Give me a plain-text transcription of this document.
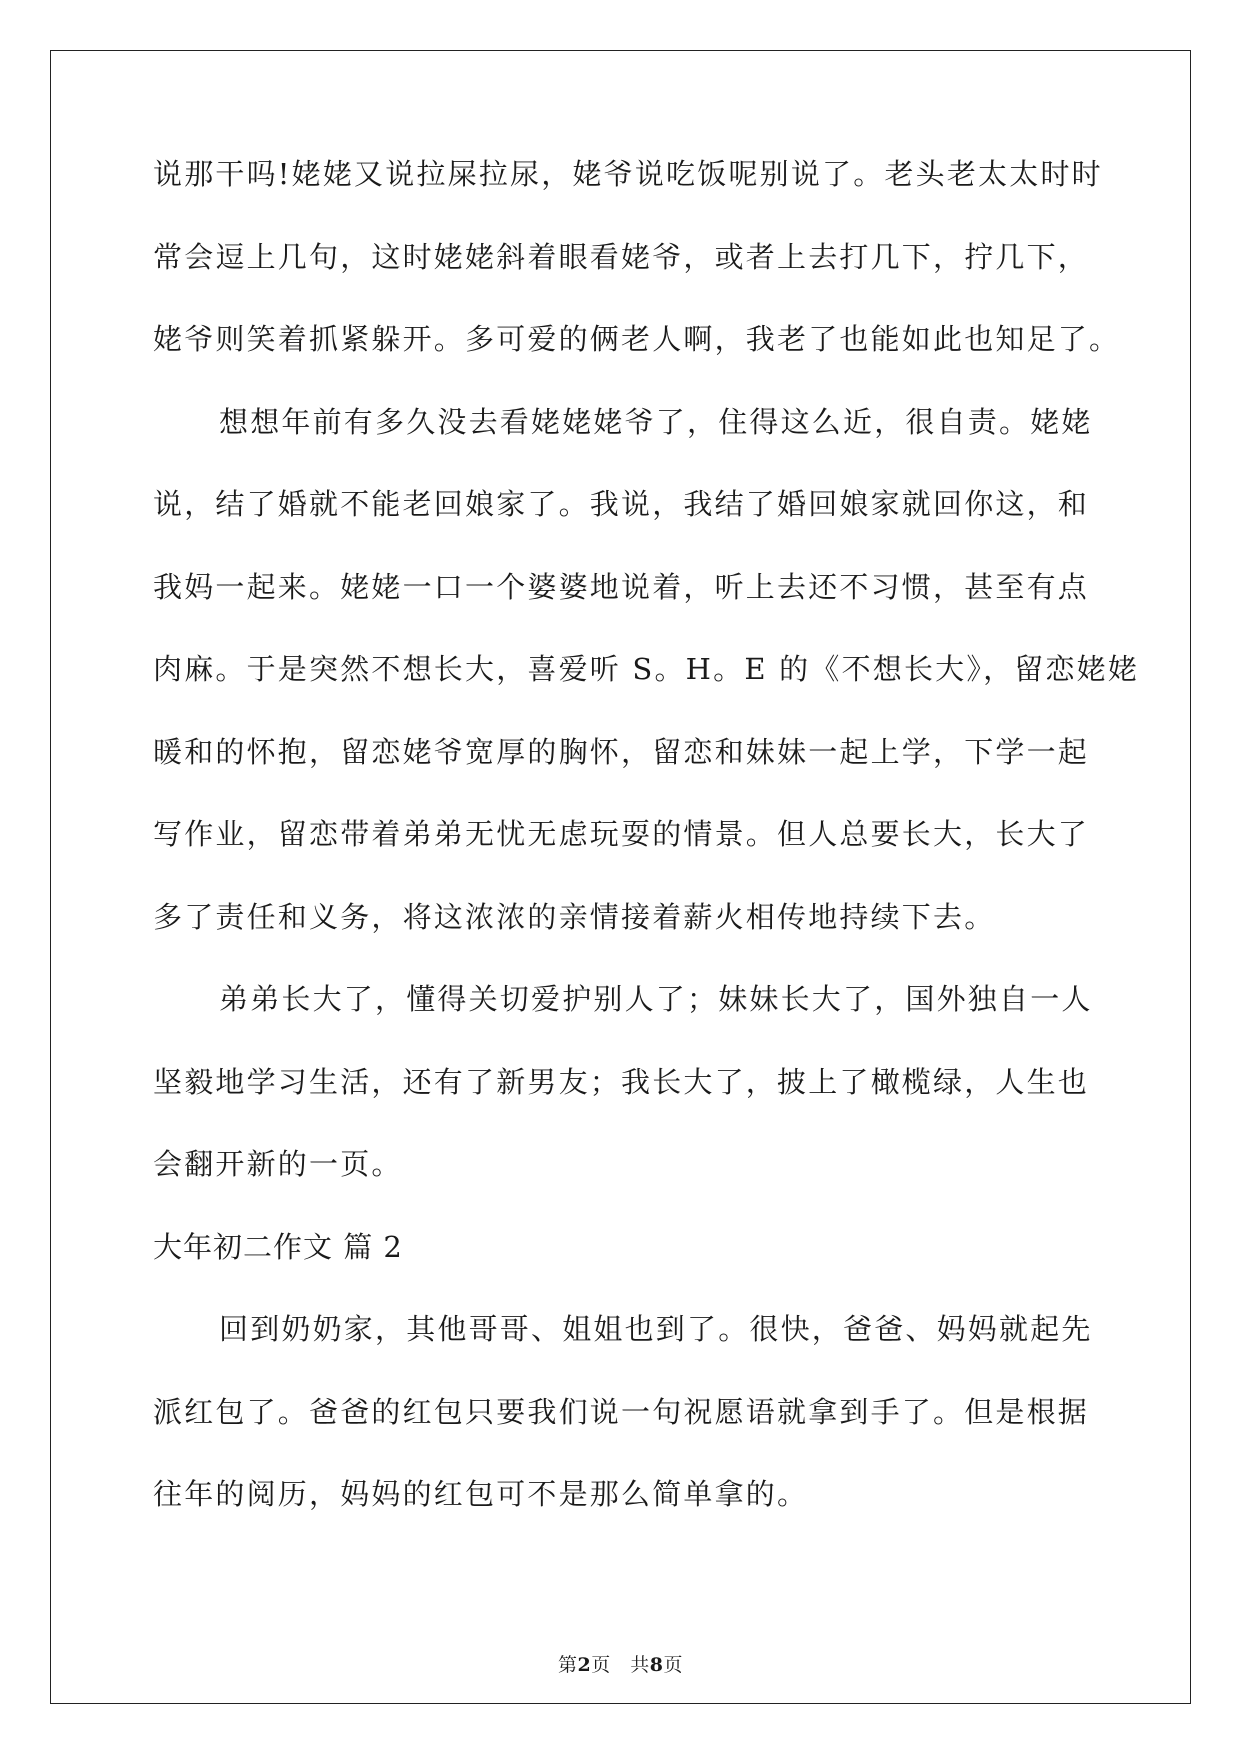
说那干吗!姥姥又说拉屎拉尿，姥爷说吃饭呢别说了。老头老太太时时
常会逗上几句，这时姥姥斜着眼看姥爷，或者上去打几下，拧几下，
姥爷则笑着抓紧躲开。多可爱的俩老人啊，我老了也能如此也知足了。
想想年前有多久没去看姥姥姥爷了，住得这么近，很自责。姥姥
说，结了婚就不能老回娘家了。我说，我结了婚回娘家就回你这，和
我妈一起来。姥姥一口一个婆婆地说着，听上去还不习惯，甚至有点
肉麻。于是突然不想长大，喜爱听 S。H。E 的《不想长大》，留恋姥姥
暖和的怀抱，留恋姥爷宽厚的胸怀，留恋和妹妹一起上学，下学一起
写作业，留恋带着弟弟无忧无虑玩耍的情景。但人总要长大，长大了
多了责任和义务，将这浓浓的亲情接着薪火相传地持续下去。
弟弟长大了，懂得关切爱护别人了；妹妹长大了，国外独自一人
坚毅地学习生活，还有了新男友；我长大了，披上了橄榄绿，人生也
会翻开新的一页。
大年初二作文 篇 2
回到奶奶家，其他哥哥、姐姐也到了。很快，爸爸、妈妈就起先
派红包了。爸爸的红包只要我们说一句祝愿语就拿到手了。但是根据
往年的阅历，妈妈的红包可不是那么简单拿的。
第2页　共8页
